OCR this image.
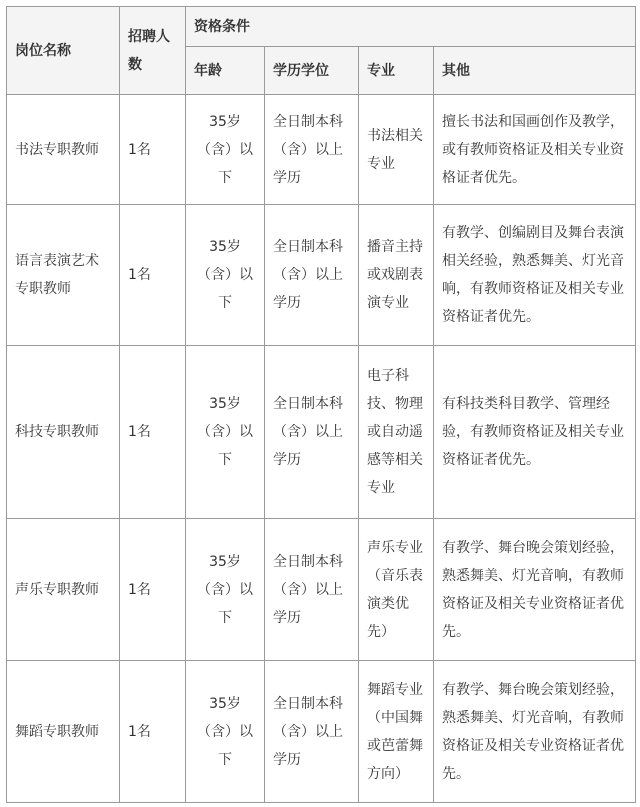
岗位名称	招聘人数	资格条件			
		年龄	学历学位	专业	其他
书法专职教师	1名	35岁（含）以下	全日制本科（含）以上学历	书法相关专业	擅长书法和国画创作及教学，或有教师资格证及相关专业资格证者优先。
语言表演艺术专职教师	1名	35岁（含）以下	全日制本科（含）以上学历	播音主持或戏剧表演专业	有教学、创编剧目及舞台表演相关经验，熟悉舞美、灯光音响，有教师资格证及相关专业资格证者优先。
科技专职教师	1名	35岁（含）以下	全日制本科（含）以上学历	电子科技、物理或自动遥感等相关专业	有科技类科目教学、管理经验，有教师资格证及相关专业资格证者优先。
声乐专职教师	1名	35岁（含）以下	全日制本科（含）以上学历	声乐专业（音乐表演类优先）	有教学、舞台晚会策划经验，熟悉舞美、灯光音响，有教师资格证及相关专业资格证者优先。
舞蹈专职教师	1名	35岁（含）以下	全日制本科（含）以上学历	舞蹈专业（中国舞或芭蕾舞方向）	有教学、舞台晚会策划经验，熟悉舞美、灯光音响，有教师资格证及相关专业资格证者优先。
